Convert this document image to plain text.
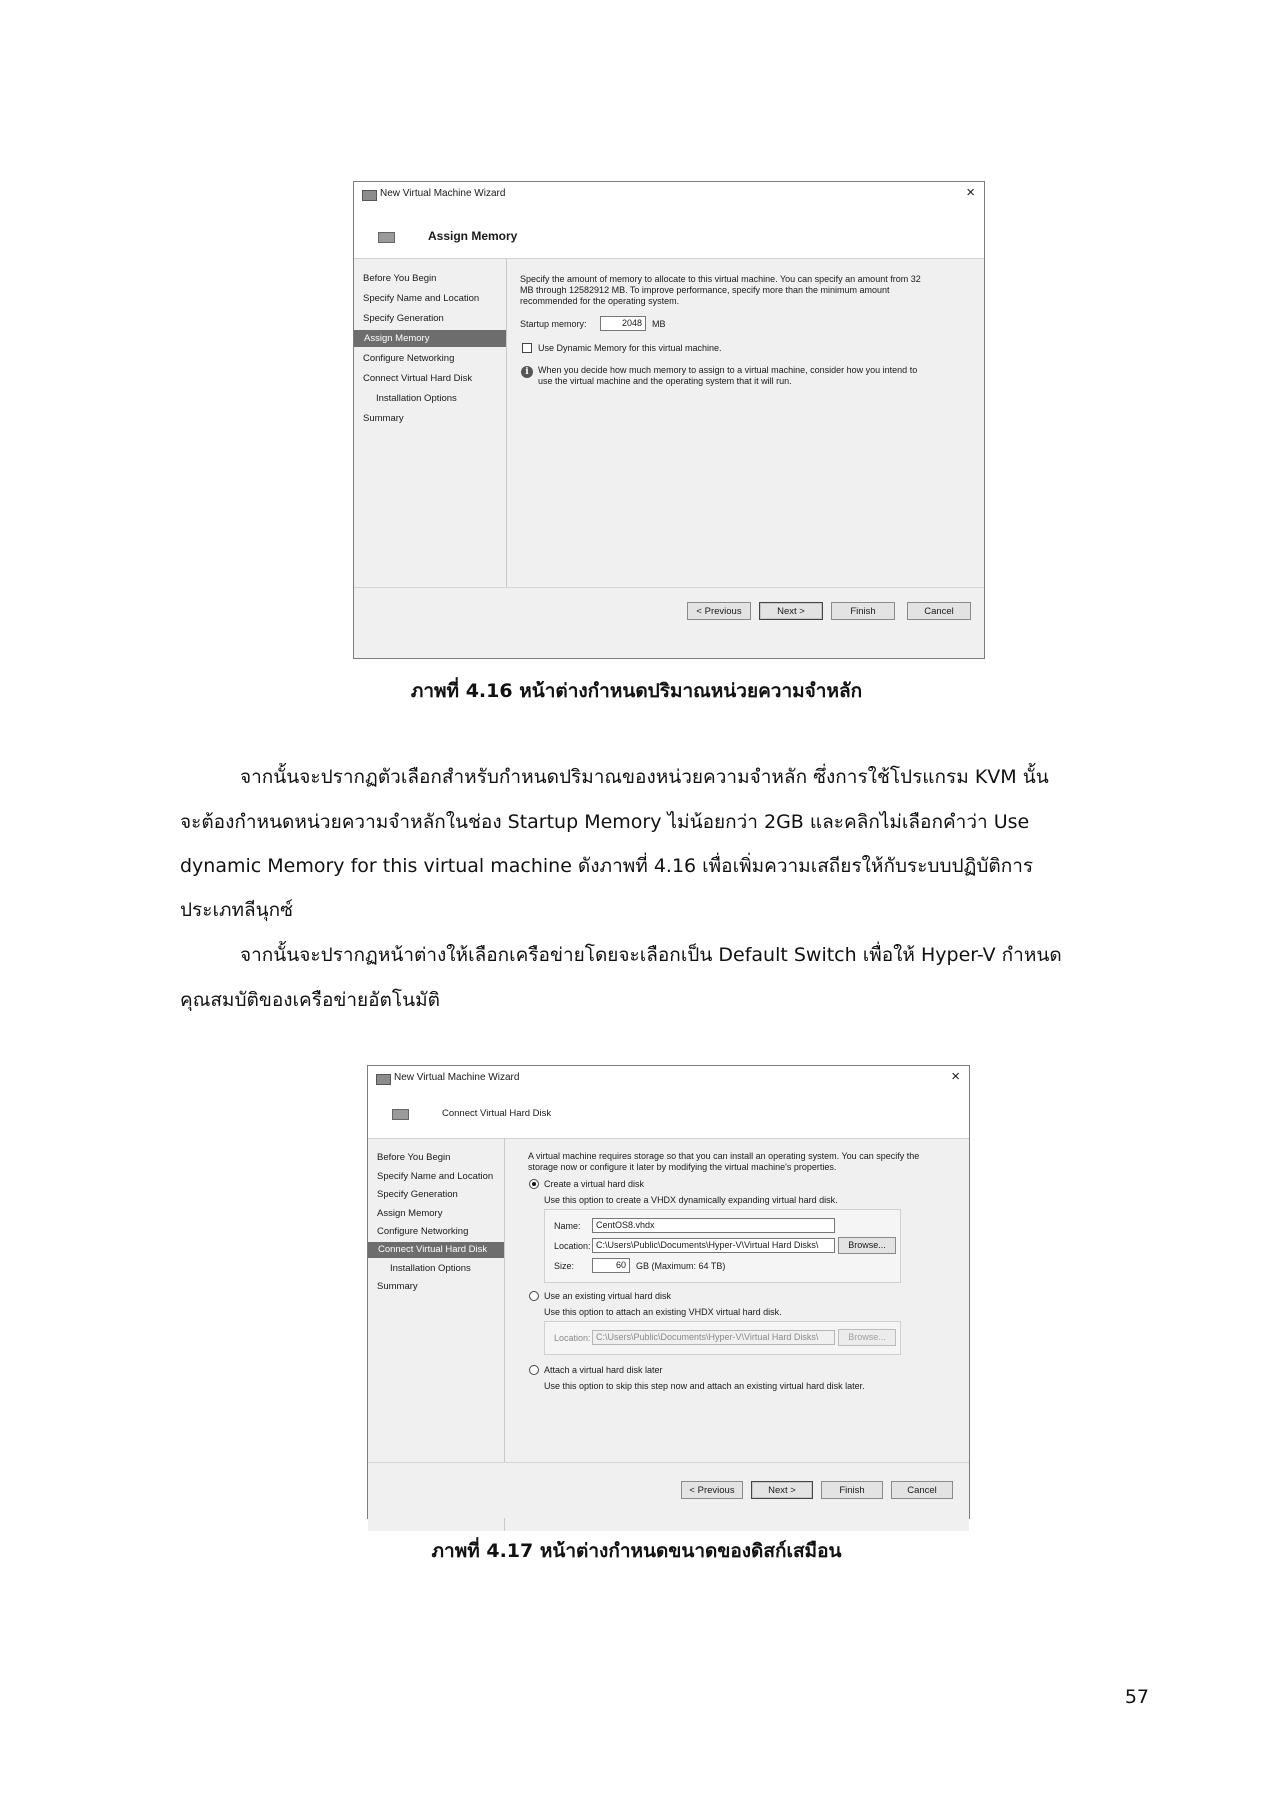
New Virtual Machine Wizard	×
Assign Memory
Before You Begin
Specify Name and Location
Specify Generation
Assign Memory
Configure Networking
Connect Virtual Hard Disk
Installation Options
Summary
Specify the amount of memory to allocate to this virtual machine. You can specify an amount from 32
MB through 12582912 MB. To improve performance, specify more than the minimum amount
recommended for the operating system.
Startup memory:	2048	MB
Use Dynamic Memory for this virtual machine.
i	When you decide how much memory to assign to a virtual machine, consider how you intend to
use the virtual machine and the operating system that it will run.
< Previous	Next >	Finish	Cancel
ภาพที่ 4.16 หน้าต่างกำหนดปริมาณหน่วยความจำหลัก
จากนั้นจะปรากฏตัวเลือกสำหรับกำหนดปริมาณของหน่วยความจำหลัก ซึ่งการใช้โปรแกรม KVM นั้น
จะต้องกำหนดหน่วยความจำหลักในช่อง Startup Memory ไม่น้อยกว่า 2GB และคลิกไม่เลือกคำว่า Use
dynamic Memory for this virtual machine ดังภาพที่ 4.16 เพื่อเพิ่มความเสถียรให้กับระบบปฏิบัติการ
ประเภทลีนุกซ์
จากนั้นจะปรากฏหน้าต่างให้เลือกเครือข่ายโดยจะเลือกเป็น Default Switch เพื่อให้ Hyper-V กำหนด
คุณสมบัติของเครือข่ายอัตโนมัติ
New Virtual Machine Wizard	×
Connect Virtual Hard Disk
Before You Begin
Specify Name and Location
Specify Generation
Assign Memory
Configure Networking
Connect Virtual Hard Disk
Installation Options
Summary
A virtual machine requires storage so that you can install an operating system. You can specify the
storage now or configure it later by modifying the virtual machine's properties.
Create a virtual hard disk
Use this option to create a VHDX dynamically expanding virtual hard disk.
Name:	CentOS8.vhdx
Location: C:\Users\Public\Documents\Hyper-V\Virtual Hard Disks\	Browse...
Size:	60	GB (Maximum: 64 TB)
Use an existing virtual hard disk
Use this option to attach an existing VHDX virtual hard disk.
Location: C:\Users\Public\Documents\Hyper-V\Virtual Hard Disks\	Browse...
Attach a virtual hard disk later
Use this option to skip this step now and attach an existing virtual hard disk later.
< Previous	Next >	Finish	Cancel
ภาพที่ 4.17 หน้าต่างกำหนดขนาดของดิสก์เสมือน
57
